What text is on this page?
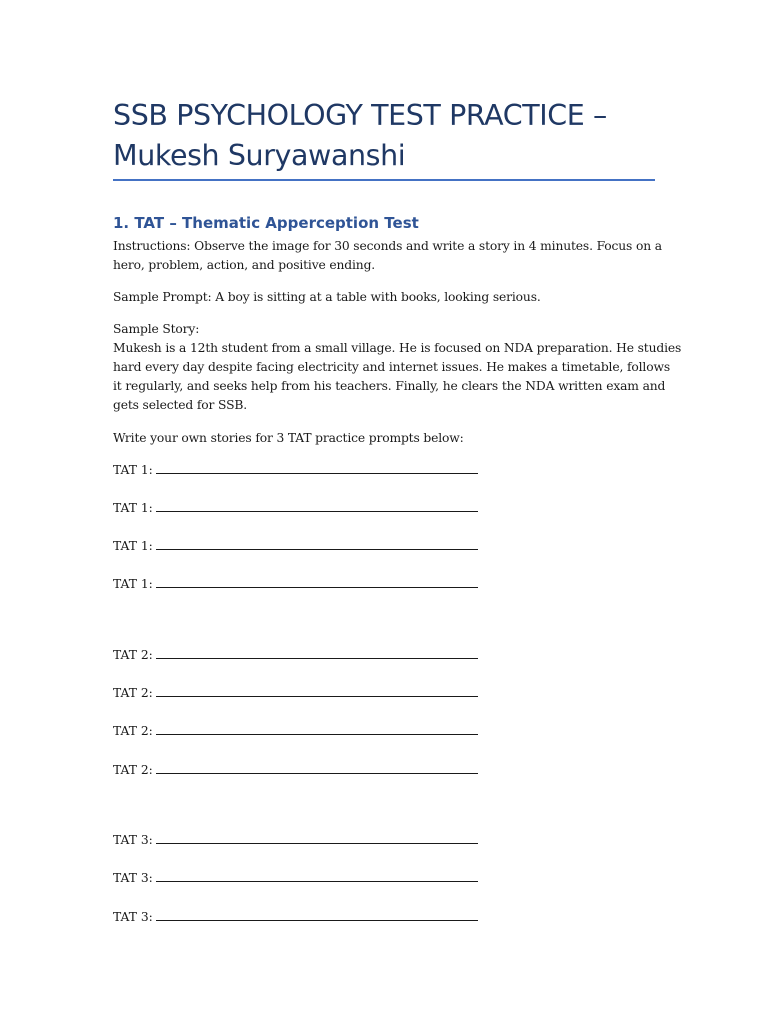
SSB PSYCHOLOGY TEST PRACTICE –
Mukesh Suryawanshi
1. TAT – Thematic Apperception Test
Instructions: Observe the image for 30 seconds and write a story in 4 minutes. Focus on a
hero, problem, action, and positive ending.
Sample Prompt: A boy is sitting at a table with books, looking serious.
Sample Story:
Mukesh is a 12th student from a small village. He is focused on NDA preparation. He studies
hard every day despite facing electricity and internet issues. He makes a timetable, follows
it regularly, and seeks help from his teachers. Finally, he clears the NDA written exam and
gets selected for SSB.
Write your own stories for 3 TAT practice prompts below:
TAT 1:
TAT 1:
TAT 1:
TAT 1:
TAT 2:
TAT 2:
TAT 2:
TAT 2:
TAT 3:
TAT 3:
TAT 3:
